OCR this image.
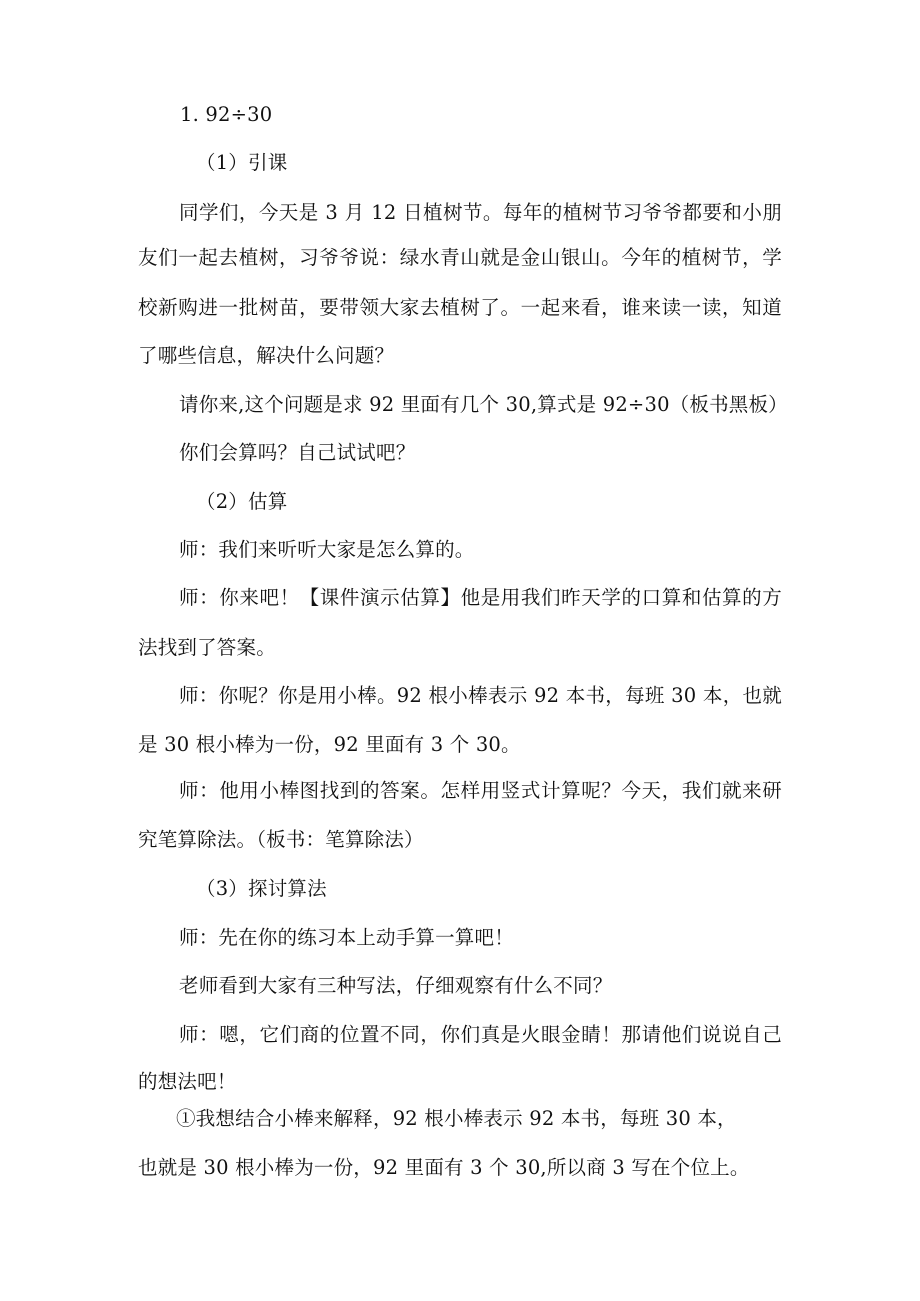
1. 92÷30
（1）引课
同学们，今天是 3 月 12 日植树节。每年的植树节习爷爷都要和小朋
友们一起去植树，习爷爷说：绿水青山就是金山银山。今年的植树节，学
校新购进一批树苗，要带领大家去植树了。一起来看，谁来读一读，知道
了哪些信息，解决什么问题？
请你来,这个问题是求 92 里面有几个 30,算式是 92÷30（板书黑板）
你们会算吗？自己试试吧？
（2）估算
师：我们来听听大家是怎么算的。
师：你来吧！【课件演示估算】他是用我们昨天学的口算和估算的方
法找到了答案。
师：你呢？你是用小棒。92 根小棒表示 92 本书，每班 30 本，也就
是 30 根小棒为一份，92 里面有 3 个 30。
师：他用小棒图找到的答案。怎样用竖式计算呢？今天，我们就来研
究笔算除法。（板书：笔算除法）
（3）探讨算法
师：先在你的练习本上动手算一算吧！
老师看到大家有三种写法，仔细观察有什么不同？
师：嗯，它们商的位置不同，你们真是火眼金睛！那请他们说说自己
的想法吧！
①我想结合小棒来解释，92 根小棒表示 92 本书，每班 30 本，
也就是 30 根小棒为一份，92 里面有 3 个 30,所以商 3 写在个位上。
